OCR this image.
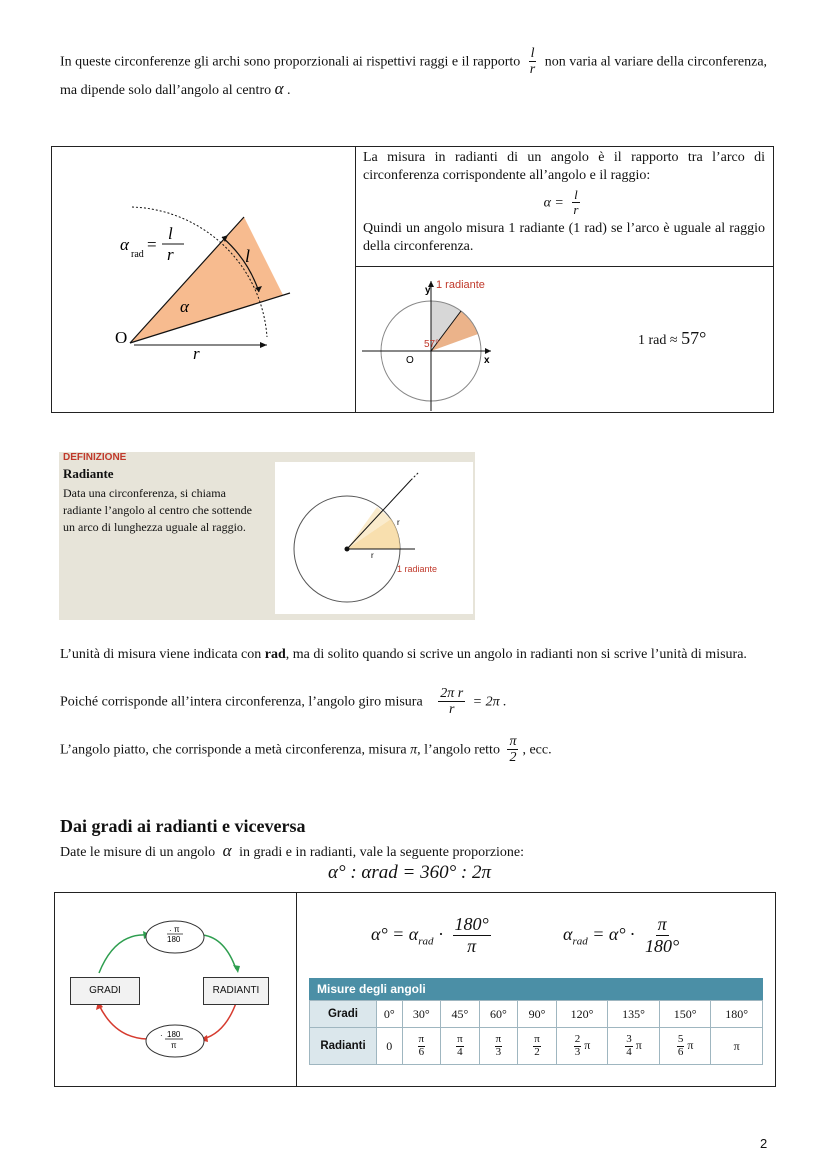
In queste circonferenze gli archi sono proporzionali ai rispettivi raggi e il rapporto $\frac{l}{r}$ non varia al variare della circonferenza, ma dipende solo dall’angolo al centro α .
α
rad
=
l
r	l
α
O
r
La misura in radianti di un angolo è il rapporto tra l’arco di circonferenza corrispondente all’angolo e il raggio:
$\alpha = \frac{l}{r}$
Quindi un angolo misura 1 radiante (1 rad) se l’arco è uguale al raggio della circonferenza.
y 1 radiante
x
O
57°	1 rad ≈ 57°
DEFINIZIONE
Radiante
Data una circonferenza, si chiama radiante l’angolo al centro che sottende un arco di lunghezza uguale al raggio.	r
r
1 radiante
L’unità di misura viene indicata con rad, ma di solito quando si scrive un angolo in radianti non si scrive l’unità di misura.
Poiché corrisponde all’intera circonferenza, l’angolo giro misura $\frac{\text{2π r}}{r} = 2\pi$ .
L’angolo piatto, che corrisponde a metà circonferenza, misura π, l’angolo retto $\frac{\pi}{2}$ , ecc.
Dai gradi ai radianti e viceversa
Date le misure di un angolo α in gradi e in radianti, vale la seguente proporzione:
α° : αrad = 360° : 2π
· π
180
· 180
π
GRADI	RADIANTI
$\alpha^\circ = \alpha_{rad} \cdot \frac{180^\circ}{\pi}$	$\alpha_{rad} = \alpha^\circ \cdot \frac{\pi}{180^\circ}$
Misure degli angoli
Gradi	0°	30°	45°	60°	90°	120°	135°	150°	180°
Radianti	0	$\frac{\pi}{6}$	$\frac{\pi}{4}$	$\frac{\pi}{3}$	$\frac{\pi}{2}$	$\frac{2}{3}$ π	$\frac{3}{4}$ π	$\frac{5}{6}$ π	π
2
